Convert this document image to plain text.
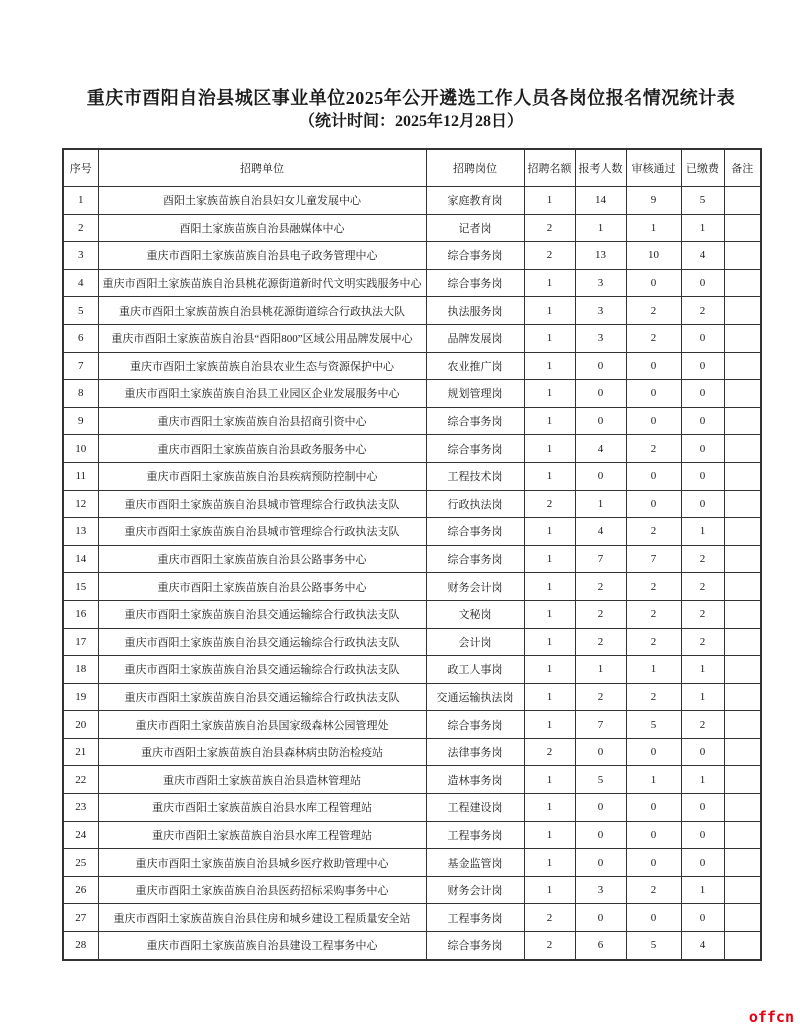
重庆市酉阳自治县城区事业单位2025年公开遴选工作人员各岗位报名情况统计表
（统计时间：2025年12月28日）
序号	招聘单位	招聘岗位	招聘名额	报考人数	审核通过	已缴费	备注
1	酉阳土家族苗族自治县妇女儿童发展中心	家庭教育岗	1	14	9	5	
2	酉阳土家族苗族自治县融媒体中心	记者岗	2	1	1	1	
3	重庆市酉阳土家族苗族自治县电子政务管理中心	综合事务岗	2	13	10	4	
4	重庆市酉阳土家族苗族自治县桃花源街道新时代文明实践服务中心	综合事务岗	1	3	0	0	
5	重庆市酉阳土家族苗族自治县桃花源街道综合行政执法大队	执法服务岗	1	3	2	2	
6	重庆市酉阳土家族苗族自治县“酉阳800”区域公用品牌发展中心	品牌发展岗	1	3	2	0	
7	重庆市酉阳土家族苗族自治县农业生态与资源保护中心	农业推广岗	1	0	0	0	
8	重庆市酉阳土家族苗族自治县工业园区企业发展服务中心	规划管理岗	1	0	0	0	
9	重庆市酉阳土家族苗族自治县招商引资中心	综合事务岗	1	0	0	0	
10	重庆市酉阳土家族苗族自治县政务服务中心	综合事务岗	1	4	2	0	
11	重庆市酉阳土家族苗族自治县疾病预防控制中心	工程技术岗	1	0	0	0	
12	重庆市酉阳土家族苗族自治县城市管理综合行政执法支队	行政执法岗	2	1	0	0	
13	重庆市酉阳土家族苗族自治县城市管理综合行政执法支队	综合事务岗	1	4	2	1	
14	重庆市酉阳土家族苗族自治县公路事务中心	综合事务岗	1	7	7	2	
15	重庆市酉阳土家族苗族自治县公路事务中心	财务会计岗	1	2	2	2	
16	重庆市酉阳土家族苗族自治县交通运输综合行政执法支队	文秘岗	1	2	2	2	
17	重庆市酉阳土家族苗族自治县交通运输综合行政执法支队	会计岗	1	2	2	2	
18	重庆市酉阳土家族苗族自治县交通运输综合行政执法支队	政工人事岗	1	1	1	1	
19	重庆市酉阳土家族苗族自治县交通运输综合行政执法支队	交通运输执法岗	1	2	2	1	
20	重庆市酉阳土家族苗族自治县国家级森林公园管理处	综合事务岗	1	7	5	2	
21	重庆市酉阳土家族苗族自治县森林病虫防治检疫站	法律事务岗	2	0	0	0	
22	重庆市酉阳土家族苗族自治县造林管理站	造林事务岗	1	5	1	1	
23	重庆市酉阳土家族苗族自治县水库工程管理站	工程建设岗	1	0	0	0	
24	重庆市酉阳土家族苗族自治县水库工程管理站	工程事务岗	1	0	0	0	
25	重庆市酉阳土家族苗族自治县城乡医疗救助管理中心	基金监管岗	1	0	0	0	
26	重庆市酉阳土家族苗族自治县医药招标采购事务中心	财务会计岗	1	3	2	1	
27	重庆市酉阳土家族苗族自治县住房和城乡建设工程质量安全站	工程事务岗	2	0	0	0	
28	重庆市酉阳土家族苗族自治县建设工程事务中心	综合事务岗	2	6	5	4	
offcn
